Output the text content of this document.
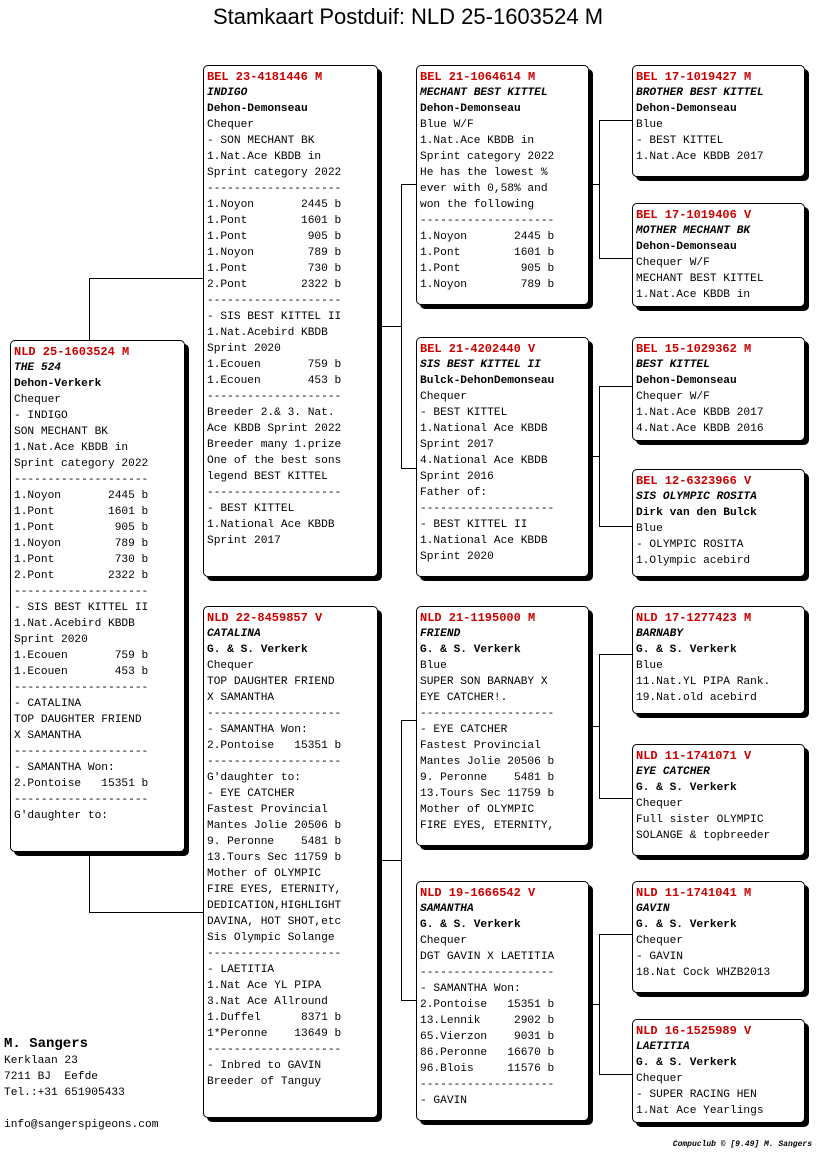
Stamkaart Postduif: NLD 25-1603524 M
NLD 25-1603524 M
THE 524
Dehon-Verkerk
Chequer
- INDIGO
SON MECHANT BK
1.Nat.Ace KBDB in
Sprint category 2022
--------------------
1.Noyon       2445 b
1.Pont        1601 b
1.Pont         905 b
1.Noyon        789 b
1.Pont         730 b
2.Pont        2322 b
--------------------
- SIS BEST KITTEL II
1.Nat.Acebird KBDB
Sprint 2020
1.Ecouen       759 b
1.Ecouen       453 b
--------------------
- CATALINA
TOP DAUGHTER FRIEND
X SAMANTHA
--------------------
- SAMANTHA Won:
2.Pontoise   15351 b
--------------------
G'daughter to:
BEL 23-4181446 M
INDIGO
Dehon-Demonseau
Chequer
- SON MECHANT BK
1.Nat.Ace KBDB in
Sprint category 2022
--------------------
1.Noyon       2445 b
1.Pont        1601 b
1.Pont         905 b
1.Noyon        789 b
1.Pont         730 b
2.Pont        2322 b
--------------------
- SIS BEST KITTEL II
1.Nat.Acebird KBDB
Sprint 2020
1.Ecouen       759 b
1.Ecouen       453 b
--------------------
Breeder 2.& 3. Nat.
Ace KBDB Sprint 2022
Breeder many 1.prize
One of the best sons
legend BEST KITTEL
--------------------
- BEST KITTEL
1.National Ace KBDB
Sprint 2017
NLD 22-8459857 V
CATALINA
G. & S. Verkerk
Chequer
TOP DAUGHTER FRIEND
X SAMANTHA
--------------------
- SAMANTHA Won:
2.Pontoise   15351 b
--------------------
G'daughter to:
- EYE CATCHER
Fastest Provincial
Mantes Jolie 20506 b
9. Peronne    5481 b
13.Tours Sec 11759 b
Mother of OLYMPIC
FIRE EYES, ETERNITY,
DEDICATION,HIGHLIGHT
DAVINA, HOT SHOT,etc
Sis Olympic Solange
--------------------
- LAETITIA
1.Nat Ace YL PIPA
3.Nat Ace Allround
1.Duffel      8371 b
1*Peronne    13649 b
--------------------
- Inbred to GAVIN
Breeder of Tanguy
BEL 21-1064614 M
MECHANT BEST KITTEL
Dehon-Demonseau
Blue W/F
1.Nat.Ace KBDB in
Sprint category 2022
He has the lowest %
ever with 0,58% and
won the following
--------------------
1.Noyon       2445 b
1.Pont        1601 b
1.Pont         905 b
1.Noyon        789 b
BEL 21-4202440 V
SIS BEST KITTEL II
Bulck-DehonDemonseau
Chequer
- BEST KITTEL
1.National Ace KBDB
Sprint 2017
4.National Ace KBDB
Sprint 2016
Father of:
--------------------
- BEST KITTEL II
1.National Ace KBDB
Sprint 2020
NLD 21-1195000 M
FRIEND
G. & S. Verkerk
Blue
SUPER SON BARNABY X
EYE CATCHER!.
--------------------
- EYE CATCHER
Fastest Provincial
Mantes Jolie 20506 b
9. Peronne    5481 b
13.Tours Sec 11759 b
Mother of OLYMPIC
FIRE EYES, ETERNITY,
NLD 19-1666542 V
SAMANTHA
G. & S. Verkerk
Chequer
DGT GAVIN X LAETITIA
--------------------
- SAMANTHA Won:
2.Pontoise   15351 b
13.Lennik     2902 b
65.Vierzon    9031 b
86.Peronne   16670 b
96.Blois     11576 b
--------------------
- GAVIN
BEL 17-1019427 M
BROTHER BEST KITTEL
Dehon-Demonseau
Blue
- BEST KITTEL
1.Nat.Ace KBDB 2017
BEL 17-1019406 V
MOTHER MECHANT BK
Dehon-Demonseau
Chequer W/F
MECHANT BEST KITTEL
1.Nat.Ace KBDB in
BEL 15-1029362 M
BEST KITTEL
Dehon-Demonseau
Chequer W/F
1.Nat.Ace KBDB 2017
4.Nat.Ace KBDB 2016
BEL 12-6323966 V
SIS OLYMPIC ROSITA
Dirk van den Bulck
Blue
- OLYMPIC ROSITA
1.Olympic acebird
NLD 17-1277423 M
BARNABY
G. & S. Verkerk
Blue
11.Nat.YL PIPA Rank.
19.Nat.old acebird
NLD 11-1741071 V
EYE CATCHER
G. & S. Verkerk
Chequer
Full sister OLYMPIC
SOLANGE & topbreeder
NLD 11-1741041 M
GAVIN
G. & S. Verkerk
Chequer
- GAVIN
18.Nat Cock WHZB2013
NLD 16-1525989 V
LAETITIA
G. & S. Verkerk
Chequer
- SUPER RACING HEN
1.Nat Ace Yearlings
M. Sangers
Kerklaan 23
7211 BJ  Eefde
Tel.:+31 651905433
info@sangerspigeons.com
Compuclub © [9.49] M. Sangers
